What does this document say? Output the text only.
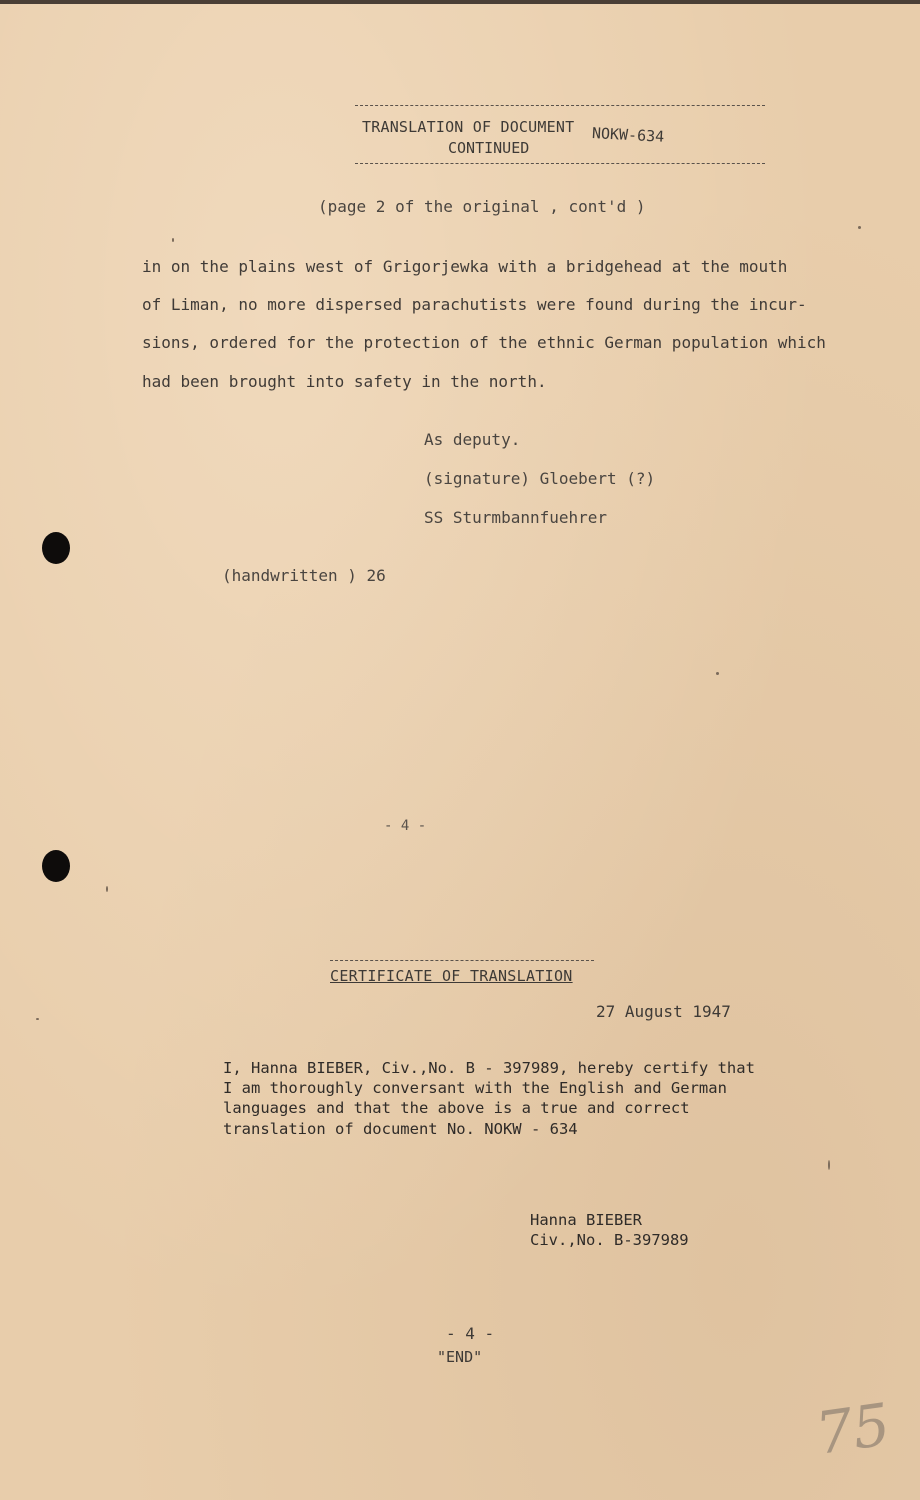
TRANSLATION OF DOCUMENT NOKW-634
CONTINUED
(page 2 of the original , cont'd )
in on the plains west of Grigorjewka with a bridgehead at the mouth
of Liman, no more dispersed parachutists were found during the incur-
sions, ordered for the protection of the ethnic German population which
had been brought into safety in the north.
As deputy.
(signature) Gloebert (?)
SS Sturmbannfuehrer
(handwritten ) 26
- 4 -
CERTIFICATE OF TRANSLATION
27 August 1947
I, Hanna BIEBER, Civ.,No. B - 397989, hereby certify that
I am thoroughly conversant with the English and German
languages and that the above is a true and correct
translation of document No. NOKW - 634
Hanna BIEBER
Civ.,No. B-397989
- 4 -
"END"
75
